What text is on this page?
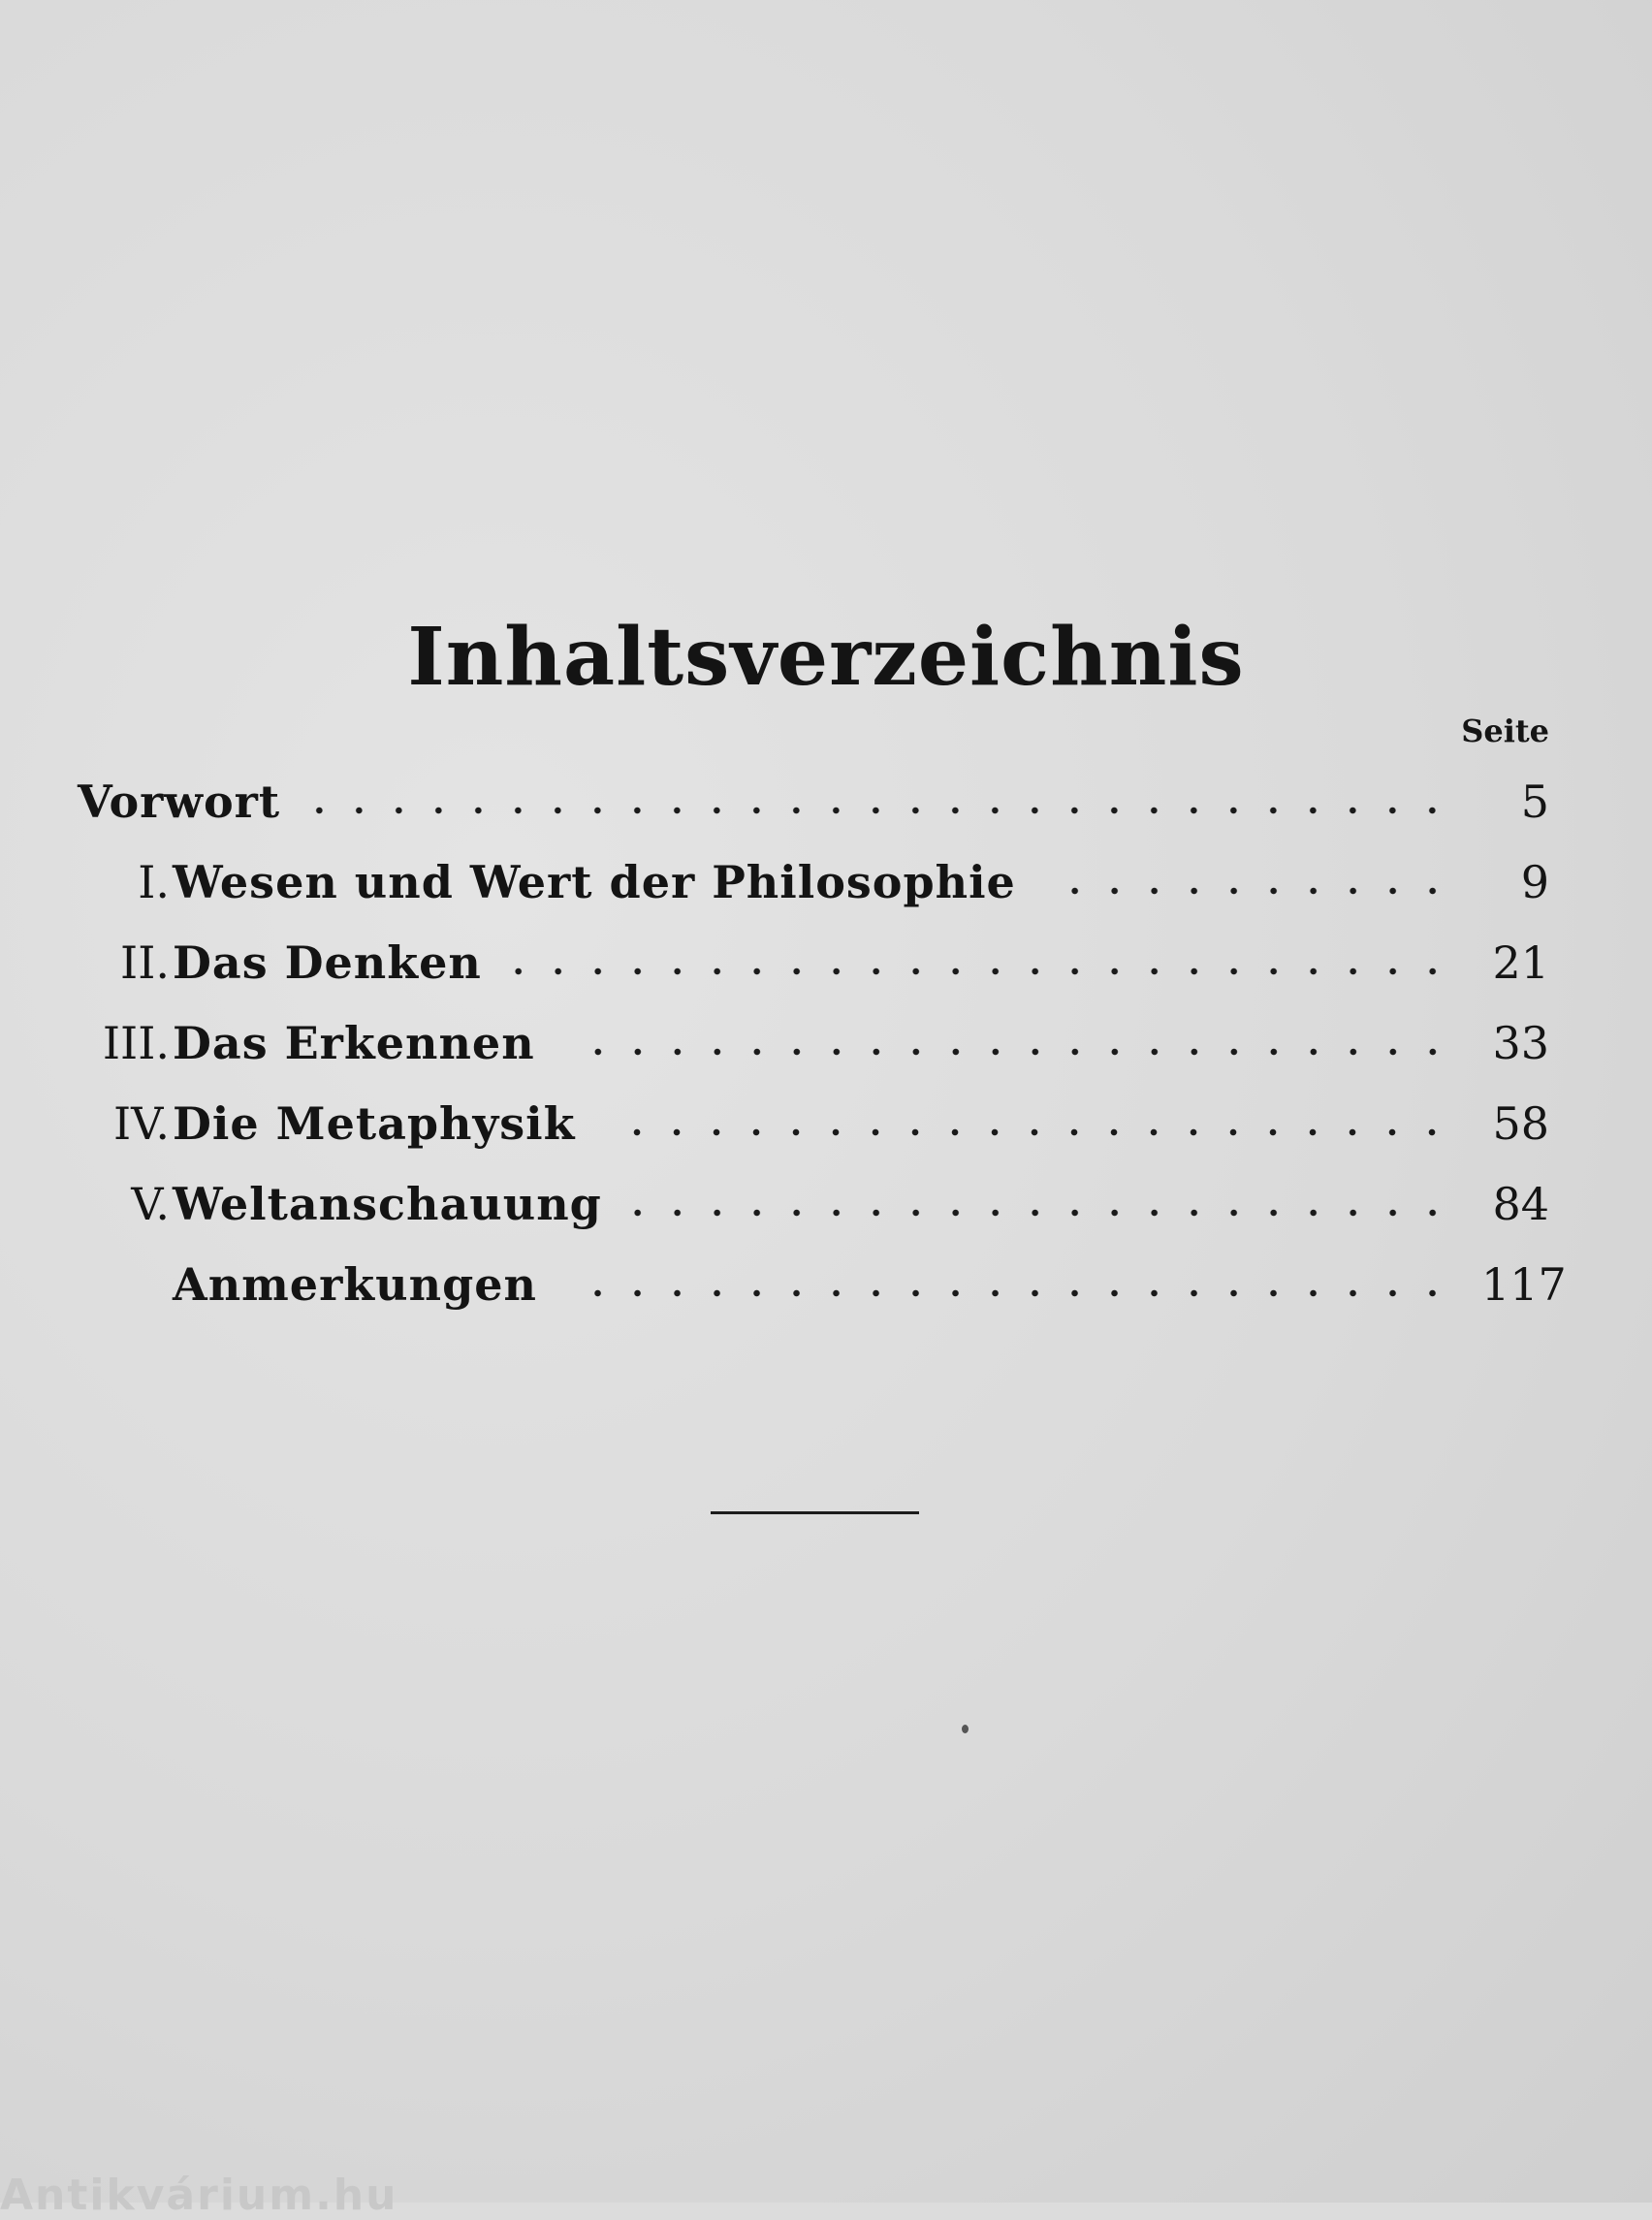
Inhaltsverzeichnis
Seite
Vorwort	5
I. Wesen und Wert der Philosophie	9
II. Das Denken	21
III. Das Erkennen	33
IV. Die Metaphysik	58
V. Weltanschauung	84
Anmerkungen	117
Antikvárium.hu
